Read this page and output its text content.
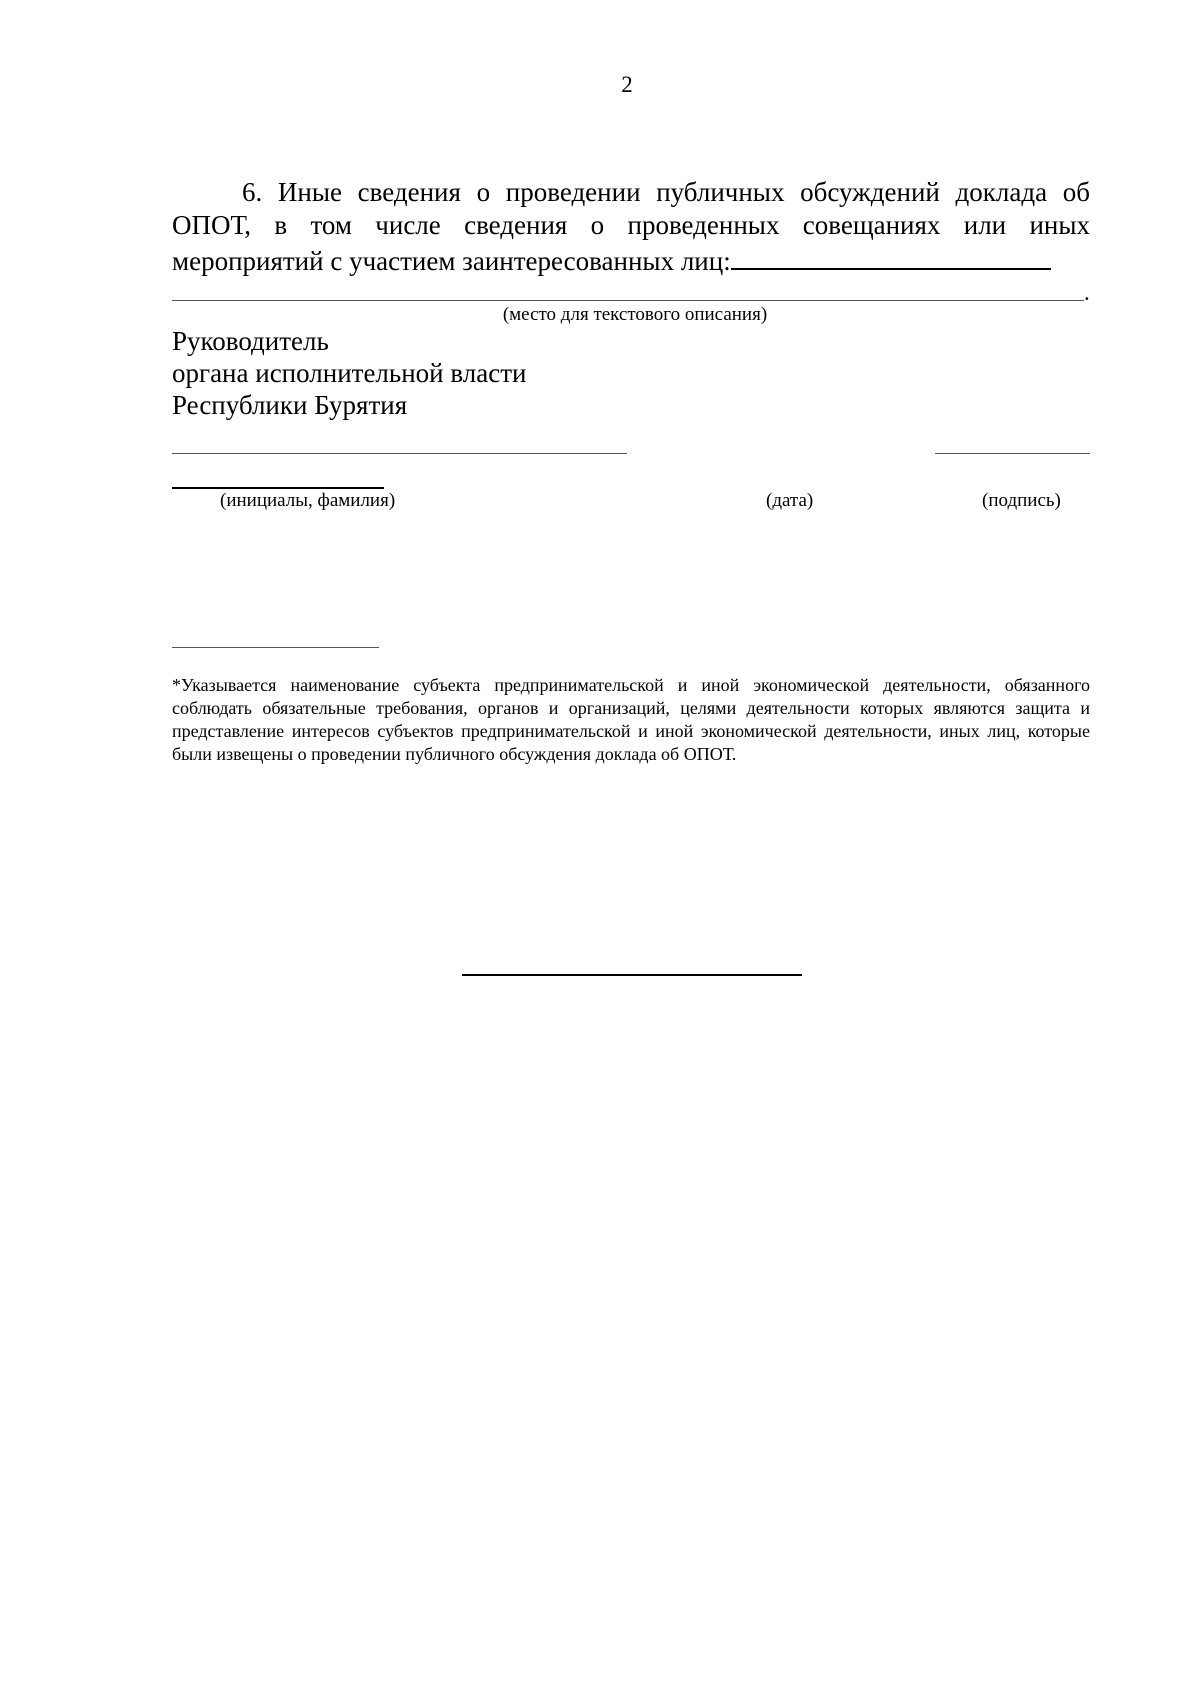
2
6. Иные сведения о проведении публичных обсуждений доклада об ОПОТ, в том числе сведения о проведенных совещаниях или иных мероприятий с участием заинтересованных лиц:
.
(место для текстового описания)
Руководитель
органа исполнительной власти
Республики Бурятия
(инициалы, фамилия)	(дата)	(подпись)
*Указывается наименование субъекта предпринимательской и иной экономической деятельности, обязанного соблюдать обязательные требования, органов и организаций, целями деятельности которых являются защита и представление интересов субъектов предпринимательской и иной экономической деятельности, иных лиц, которые были извещены о проведении публичного обсуждения доклада об ОПОТ.
